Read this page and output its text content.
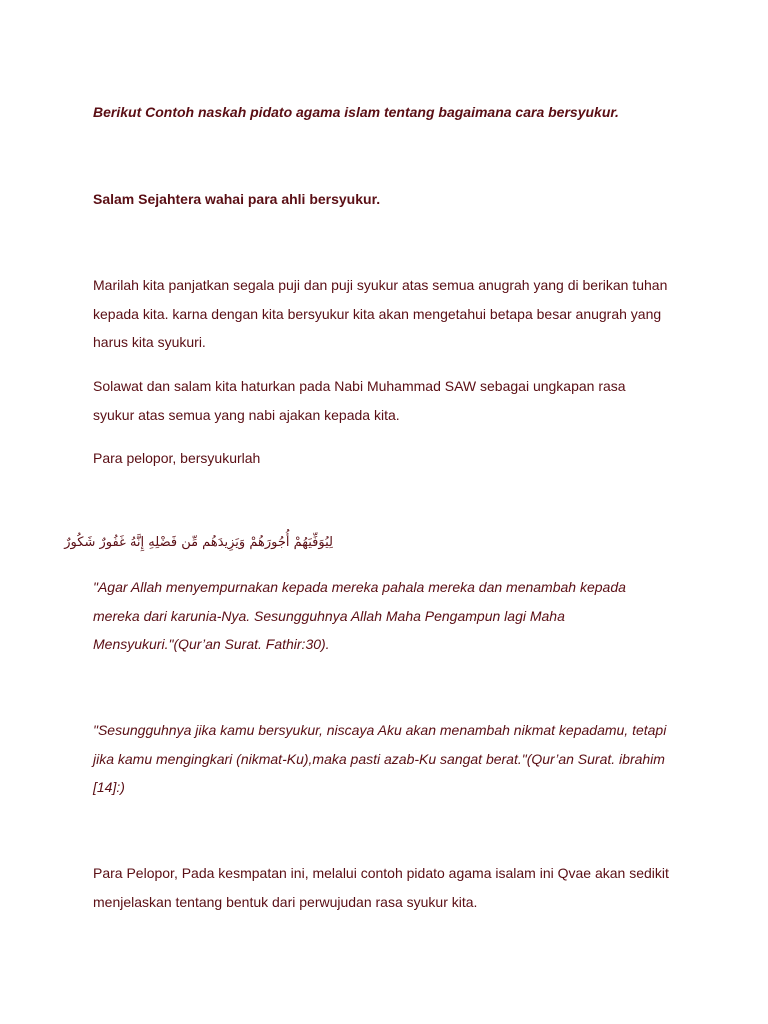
Berikut Contoh naskah pidato agama islam tentang bagaimana cara bersyukur.

Salam Sejahtera wahai para ahli bersyukur.

Marilah kita panjatkan segala puji dan puji syukur atas semua anugrah yang di berikan tuhan
kepada kita. karna dengan kita bersyukur kita akan mengetahui betapa besar anugrah yang
harus kita syukuri.

Solawat dan salam kita haturkan pada Nabi Muhammad SAW sebagai ungkapan rasa
syukur atas semua yang nabi ajakan kepada kita.

Para pelopor, bersyukurlah

لِيُوَفِّيَهُمْ أُجُورَهُمْ وَيَزِيدَهُم مِّن فَضْلِهِ إِنَّهُ غَفُورٌ شَكُورٌ

"Agar Allah menyempurnakan kepada mereka pahala mereka dan menambah kepada
mereka dari karunia-Nya. Sesungguhnya Allah Maha Pengampun lagi Maha
Mensyukuri."(Qur’an Surat. Fathir:30).

"Sesungguhnya jika kamu bersyukur, niscaya Aku akan menambah nikmat kepadamu, tetapi
jika kamu mengingkari (nikmat-Ku),maka pasti azab-Ku sangat berat."(Qur’an Surat. ibrahim
[14]:)

Para Pelopor, Pada kesmpatan ini, melalui contoh pidato agama isalam ini Qvae akan sedikit
menjelaskan tentang bentuk dari perwujudan rasa syukur kita.
